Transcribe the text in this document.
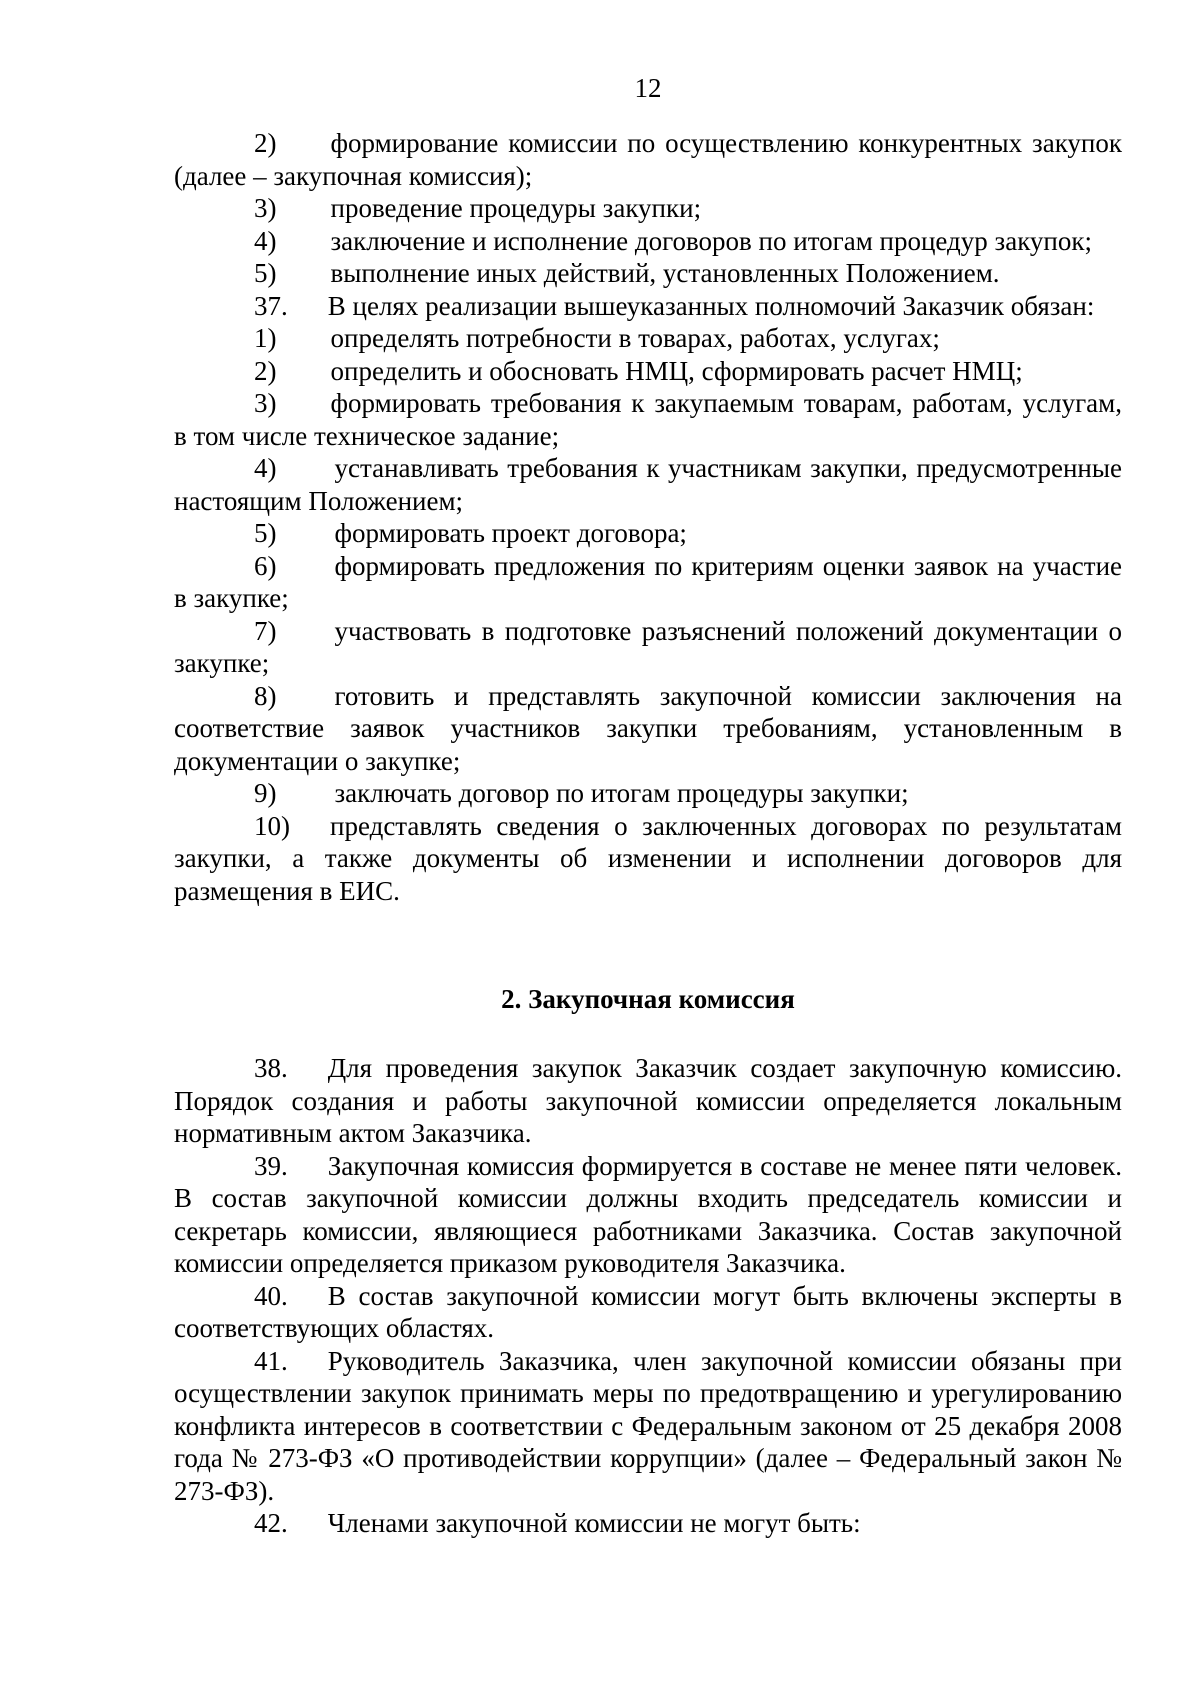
12

2) формирование комиссии по осуществлению конкурентных закупок (далее – закупочная комиссия);

3) проведение процедуры закупки;

4) заключение и исполнение договоров по итогам процедур закупок;

5) выполнение иных действий, установленных Положением.

37. В целях реализации вышеуказанных полномочий Заказчик обязан:

1) определять потребности в товарах, работах, услугах;

2) определить и обосновать НМЦ, сформировать расчет НМЦ;

3) формировать требования к закупаемым товарам, работам, услугам, в том числе техническое задание;

4) устанавливать требования к участникам закупки, предусмотренные настоящим Положением;

5) формировать проект договора;

6) формировать предложения по критериям оценки заявок на участие в закупке;

7) участвовать в подготовке разъяснений положений документации о закупке;

8) готовить и представлять закупочной комиссии заключения на соответствие заявок участников закупки требованиям, установленным в документации о закупке;

9) заключать договор по итогам процедуры закупки;

10) представлять сведения о заключенных договорах по результатам закупки, а также документы об изменении и исполнении договоров для размещения в ЕИС.

2. Закупочная комиссия

38. Для проведения закупок Заказчик создает закупочную комиссию. Порядок создания и работы закупочной комиссии определяется локальным нормативным актом Заказчика.

39. Закупочная комиссия формируется в составе не менее пяти человек. В состав закупочной комиссии должны входить председатель комиссии и секретарь комиссии, являющиеся работниками Заказчика. Состав закупочной комиссии определяется приказом руководителя Заказчика.

40. В состав закупочной комиссии могут быть включены эксперты в соответствующих областях.

41. Руководитель Заказчика, член закупочной комиссии обязаны при осуществлении закупок принимать меры по предотвращению и урегулированию конфликта интересов в соответствии с Федеральным законом от 25 декабря 2008 года № 273-ФЗ «О противодействии коррупции» (далее – Федеральный закон № 273-ФЗ).

42. Членами закупочной комиссии не могут быть:
